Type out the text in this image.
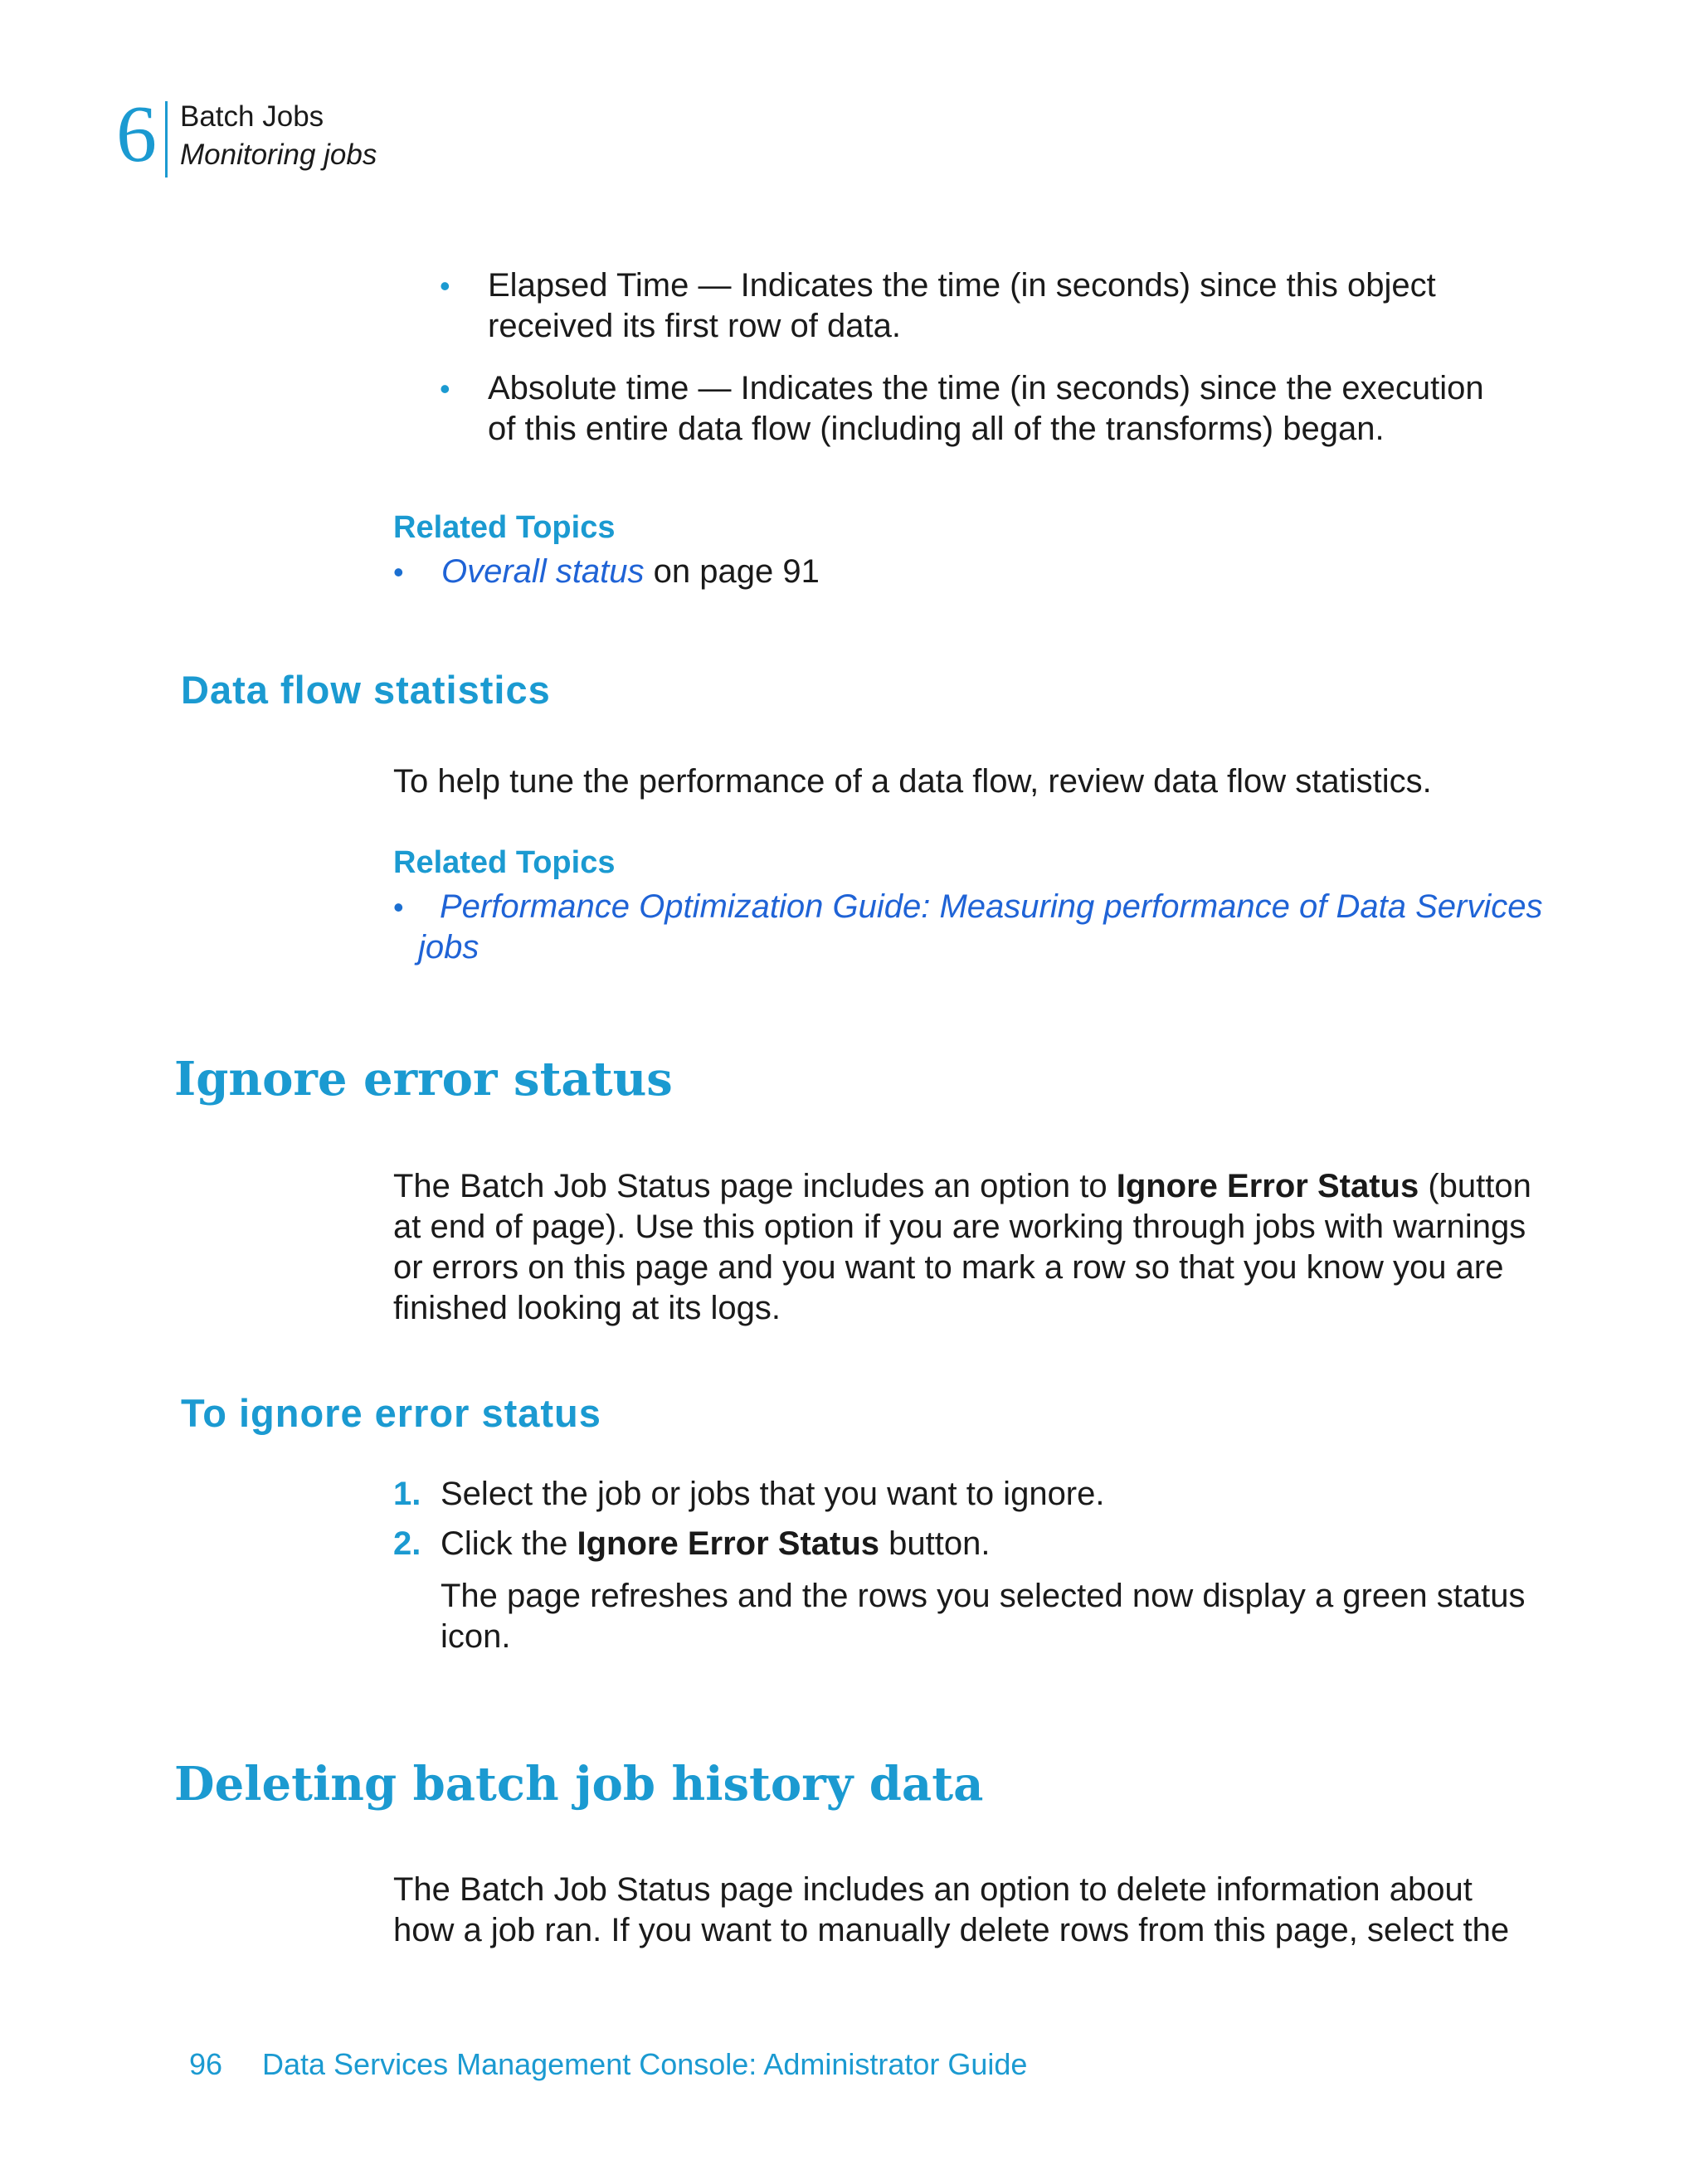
6 Batch Jobs
Monitoring jobs
• Elapsed Time — Indicates the time (in seconds) since this object
received its first row of data.
• Absolute time — Indicates the time (in seconds) since the execution
of this entire data flow (including all of the transforms) began.
Related Topics
• Overall status on page 91
Data flow statistics
To help tune the performance of a data flow, review data flow statistics.
Related Topics
• Performance Optimization Guide: Measuring performance of Data Services
jobs
Ignore error status
The Batch Job Status page includes an option to Ignore Error Status (button
at end of page). Use this option if you are working through jobs with warnings
or errors on this page and you want to mark a row so that you know you are
finished looking at its logs.
To ignore error status
1. Select the job or jobs that you want to ignore.
2. Click the Ignore Error Status button.
The page refreshes and the rows you selected now display a green status
icon.
Deleting batch job history data
The Batch Job Status page includes an option to delete information about
how a job ran. If you want to manually delete rows from this page, select the
96 Data Services Management Console: Administrator Guide
